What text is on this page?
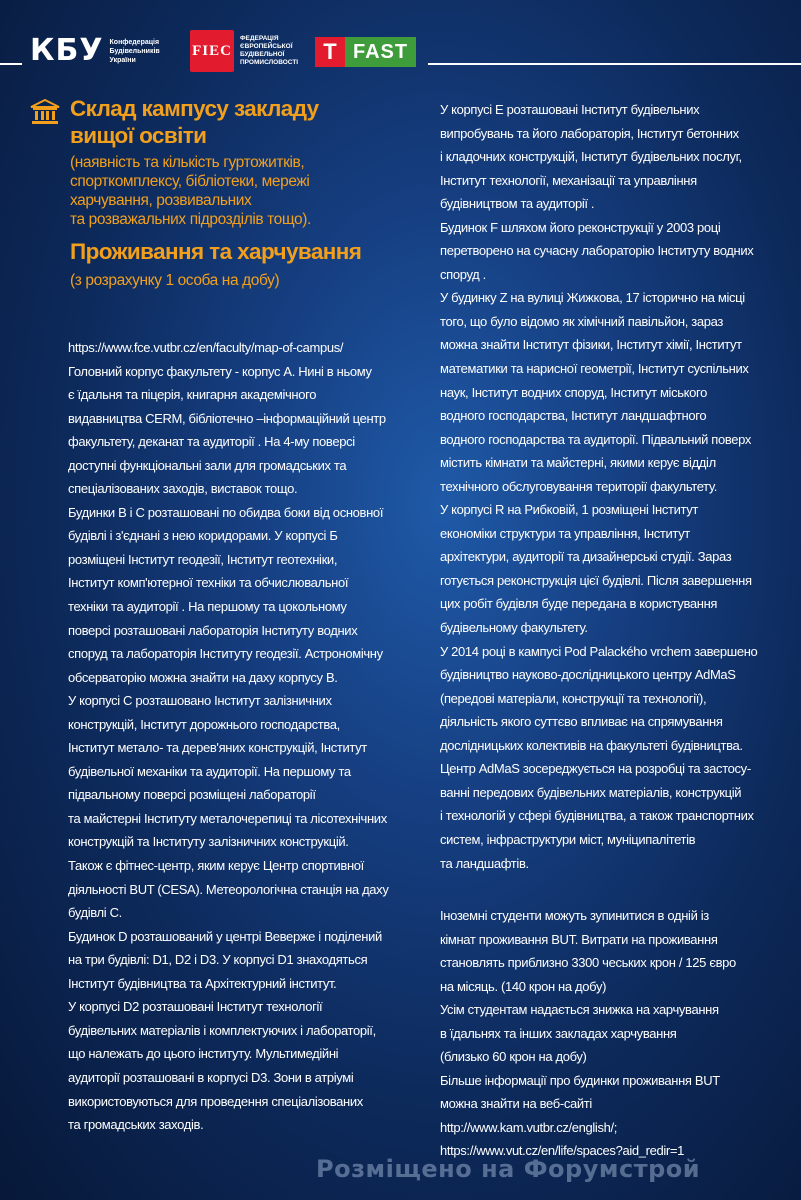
КБУ Конфедерація
Будівельників
України
FIEC
ФЕДЕРАЦІЯ
ЄВРОПЕЙСЬКОЇ
БУДІВЕЛЬНОЇ
ПРОМИСЛОВОСТІ	T FAST
Склад кампусу закладу
вищої освіти
(наявність та кількість гуртожитків,
спорткомплексу, бібліотеки, мережі
харчування, розвивальних
та розважальних підрозділів тощо).
Проживання та харчування
(з розрахунку 1 особа на добу)
https://www.fce.vutbr.cz/en/faculty/map-of-campus/
Головний корпус факультету - корпус А. Нині в ньому
є їдальня та піцерія, книгарня академічного
видавництва CERM, бібліотечно –інформаційний центр
факультету, деканат та аудиторії . На 4-му поверсі
доступні функціональні зали для громадських та
спеціалізованих заходів, виставок тощо.
Будинки B і C розташовані по обидва боки від основної
будівлі і з'єднані з нею коридорами. У корпусі Б
розміщені Інститут геодезії, Інститут геотехніки,
Інститут комп'ютерної техніки та обчислювальної
техніки та аудиторії . На першому та цокольному
поверсі розташовані лабораторія Інституту водних
споруд та лабораторія Інституту геодезії. Астрономічну
обсерваторію можна знайти на даху корпусу B.
У корпусі С розташовано Інститут залізничних
конструкцій, Інститут дорожнього господарства,
Інститут метало- та дерев'яних конструкцій, Інститут
будівельної механіки та аудиторії. На першому та
підвальному поверсі розміщені лабораторії
та майстерні Інституту металочерепиці та лісотехнічних
конструкцій та Інституту залізничних конструкцій.
Також є фітнес-центр, яким керує Центр спортивної
діяльності BUT (CESA). Метеорологічна станція на даху
будівлі С.
Будинок D розташований у центрі Веверже і поділений
на три будівлі: D1, D2 і D3. У корпусі D1 знаходяться
Інститут будівництва та Архітектурний інститут.
У корпусі D2 розташовані Інститут технології
будівельних матеріалів і комплектуючих і лабораторії,
що належать до цього інституту. Мультимедійні
аудиторії розташовані в корпусі D3. Зони в атріумі
використовуються для проведення спеціалізованих
та громадських заходів.
У корпусі E розташовані Інститут будівельних
випробувань та його лабораторія, Інститут бетонних
і кладочних конструкцій, Інститут будівельних послуг,
Інститут технології, механізації та управління
будівництвом та аудиторії .
Будинок F шляхом його реконструкції у 2003 році
перетворено на сучасну лабораторію Інституту водних
споруд .
У будинку Z на вулиці Жижкова, 17 історично на місці
того, що було відомо як хімічний павільйон, зараз
можна знайти Інститут фізики, Інститут хімії, Інститут
математики та нарисної геометрії, Інститут суспільних
наук, Інститут водних споруд, Інститут міського
водного господарства, Інститут ландшафтного
водного господарства та аудиторії. Підвальний поверх
містить кімнати та майстерні, якими керує відділ
технічного обслуговування території факультету.
У корпусі R на Рибковій, 1 розміщені Інститут
економіки структури та управління, Інститут
архітектури, аудиторії та дизайнерські студії. Зараз
готується реконструкція цієї будівлі. Після завершення
цих робіт будівля буде передана в користування
будівельному факультету.
У 2014 році в кампусі Pod Palackého vrchem завершено
будівництво науково-дослідницького центру AdMaS
(передові матеріали, конструкції та технології),
діяльність якого суттєво впливає на спрямування
дослідницьких колективів на факультеті будівництва.
Центр AdMaS зосереджується на розробці та застосу-
ванні передових будівельних матеріалів, конструкцій
і технологій у сфері будівництва, а також транспортних
систем, інфраструктури міст, муніципалітетів
та ландшафтів.
Іноземні студенти можуть зупинитися в одній із
кімнат проживання BUT. Витрати на проживання
становлять приблизно 3300 чеських крон / 125 євро
на місяць. (140 крон на добу)
Усім студентам надається знижка на харчування
в їдальнях та інших закладах харчування
(близько 60 крон на добу)
Більше інформації про будинки проживання BUT
можна знайти на веб-сайті
http://www.kam.vutbr.cz/english/;
https://www.vut.cz/en/life/spaces?aid_redir=1
Розміщено на Форумстрой
